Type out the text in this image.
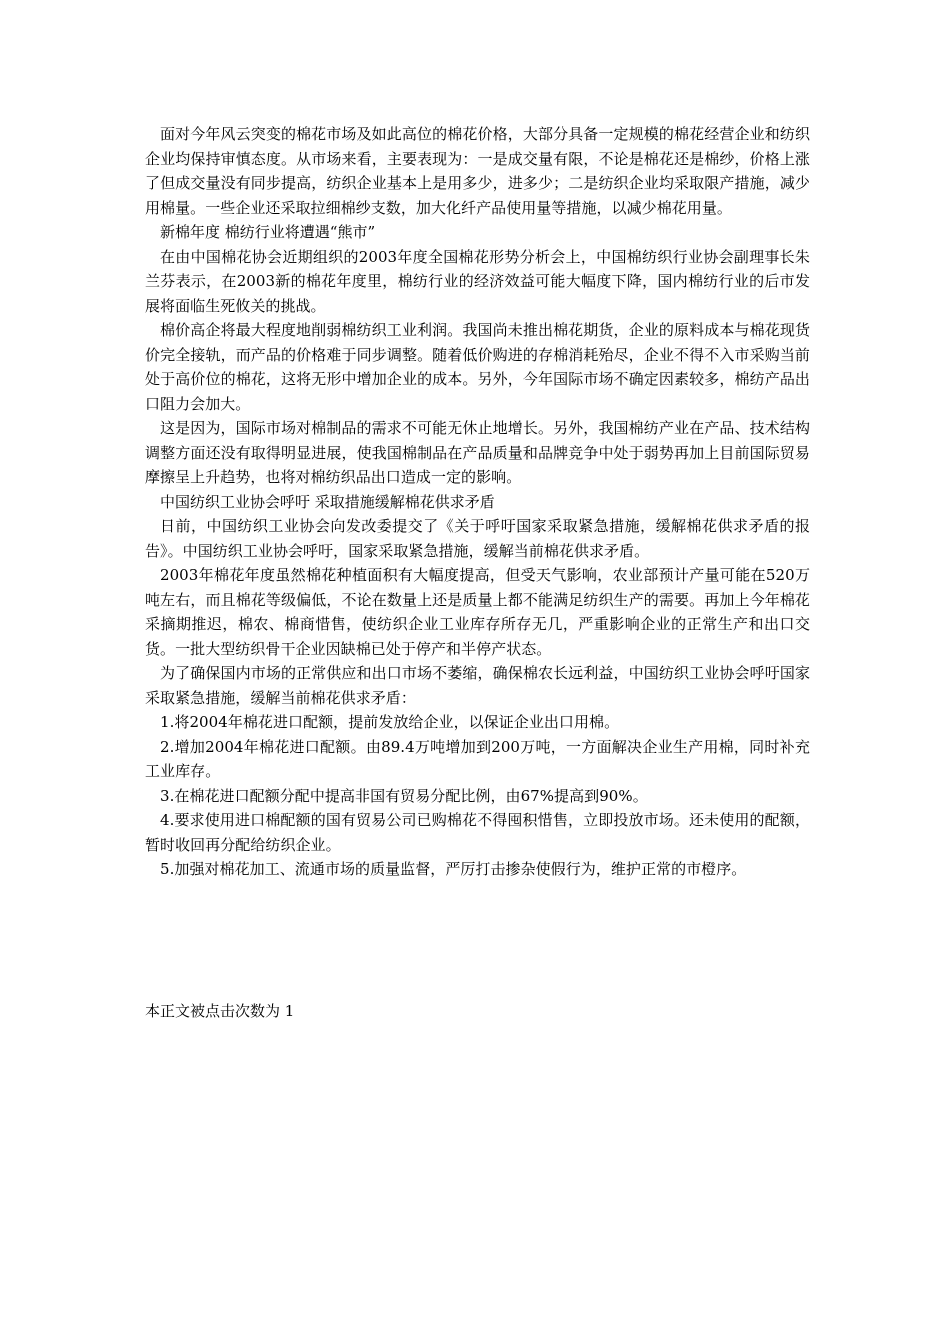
面对今年风云突变的棉花市场及如此高位的棉花价格，大部分具备一定规模的棉花经营企业和纺织企业均保持审慎态度。从市场来看，主要表现为：一是成交量有限，不论是棉花还是棉纱，价格上涨了但成交量没有同步提高，纺织企业基本上是用多少，进多少；二是纺织企业均采取限产措施，减少用棉量。一些企业还采取拉细棉纱支数，加大化纤产品使用量等措施，以减少棉花用量。

新棉年度 棉纺行业将遭遇“熊市”

在由中国棉花协会近期组织的2003年度全国棉花形势分析会上，中国棉纺织行业协会副理事长朱兰芬表示，在2003新的棉花年度里，棉纺行业的经济效益可能大幅度下降，国内棉纺行业的后市发展将面临生死攸关的挑战。

棉价高企将最大程度地削弱棉纺织工业利润。我国尚未推出棉花期货，企业的原料成本与棉花现货价完全接轨，而产品的价格难于同步调整。随着低价购进的存棉消耗殆尽，企业不得不入市采购当前处于高价位的棉花，这将无形中增加企业的成本。另外，今年国际市场不确定因素较多，棉纺产品出口阻力会加大。

这是因为，国际市场对棉制品的需求不可能无休止地增长。另外，我国棉纺产业在产品、技术结构调整方面还没有取得明显进展，使我国棉制品在产品质量和品牌竞争中处于弱势再加上目前国际贸易摩擦呈上升趋势，也将对棉纺织品出口造成一定的影响。

中国纺织工业协会呼吁 采取措施缓解棉花供求矛盾

日前，中国纺织工业协会向发改委提交了《关于呼吁国家采取紧急措施，缓解棉花供求矛盾的报告》。中国纺织工业协会呼吁，国家采取紧急措施，缓解当前棉花供求矛盾。

2003年棉花年度虽然棉花种植面积有大幅度提高，但受天气影响，农业部预计产量可能在520万吨左右，而且棉花等级偏低，不论在数量上还是质量上都不能满足纺织生产的需要。再加上今年棉花采摘期推迟，棉农、棉商惜售，使纺织企业工业库存所存无几，严重影响企业的正常生产和出口交货。一批大型纺织骨干企业因缺棉已处于停产和半停产状态。

为了确保国内市场的正常供应和出口市场不萎缩，确保棉农长远利益，中国纺织工业协会呼吁国家采取紧急措施，缓解当前棉花供求矛盾：

1.将2004年棉花进口配额，提前发放给企业，以保证企业出口用棉。

2.增加2004年棉花进口配额。由89.4万吨增加到200万吨，一方面解决企业生产用棉，同时补充工业库存。

3.在棉花进口配额分配中提高非国有贸易分配比例，由67%提高到90%。

4.要求使用进口棉配额的国有贸易公司已购棉花不得囤积惜售，立即投放市场。还未使用的配额，暂时收回再分配给纺织企业。

5.加强对棉花加工、流通市场的质量监督，严厉打击掺杂使假行为，维护正常的市橙序。

本正文被点击次数为 1
